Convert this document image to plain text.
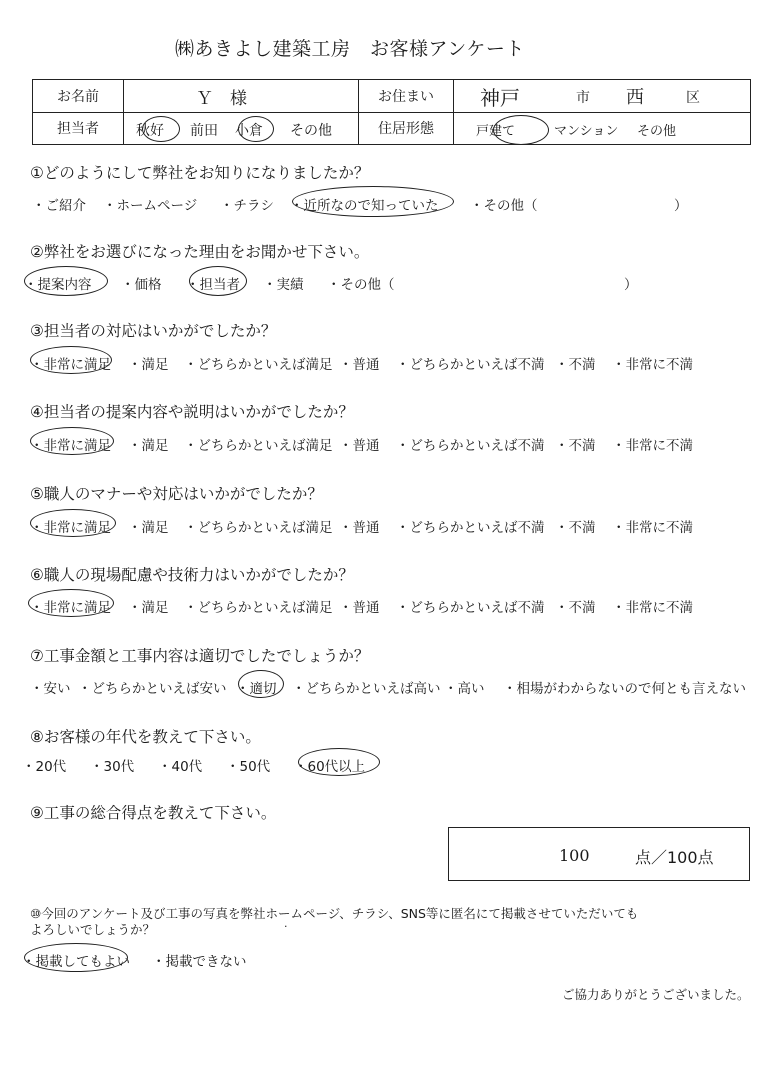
㈱あきよし建築工房　お客様アンケート
お名前	Ｙ　様	お住まい	神戸 市 西 区

担当者	秋好 前田 小倉 その他	住居形態	戸建て マンション その他
①どのようにして弊社をお知りになりましたか？
・ご紹介 ・ホームページ ・チラシ ・近所なので知っていた ・その他（	）
②弊社をお選びになった理由をお聞かせ下さい。
・提案内容 ・価格 ・担当者 ・実績 ・その他（	）
③担当者の対応はいかがでしたか？
・非常に満足 ・満足 ・どちらかといえば満足 ・普通 ・どちらかといえば不満 ・不満 ・非常に不満
④担当者の提案内容や説明はいかがでしたか？
・非常に満足 ・満足 ・どちらかといえば満足 ・普通 ・どちらかといえば不満 ・不満 ・非常に不満
⑤職人のマナーや対応はいかがでしたか？
・非常に満足 ・満足 ・どちらかといえば満足 ・普通 ・どちらかといえば不満 ・不満 ・非常に不満
⑥職人の現場配慮や技術力はいかがでしたか？
・非常に満足 ・満足 ・どちらかといえば満足 ・普通 ・どちらかといえば不満 ・不満 ・非常に不満
⑦工事金額と工事内容は適切でしたでしょうか？
・安い ・どちらかといえば安い ・適切 ・どちらかといえば高い ・高い ・相場がわからないので何とも言えない
⑧お客様の年代を教えて下さい。
・20代 ・30代 ・40代 ・50代 ・60代以上
⑨工事の総合得点を教えて下さい。
100	点／100点
⑩今回のアンケート及び工事の写真を弊社ホームページ、チラシ、SNS等に匿名にて掲載させていただいても
よろしいでしょうか？	·
・掲載してもよい ・掲載できない
ご協力ありがとうございました。
